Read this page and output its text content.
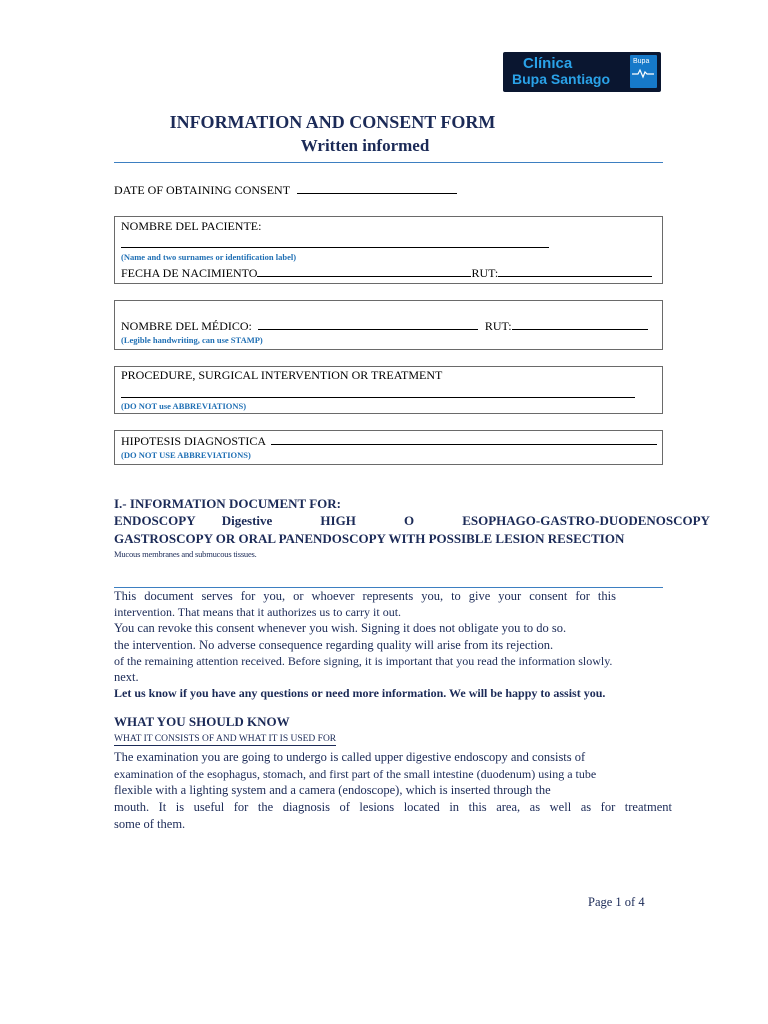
Clínica
Bupa Santiago
Bupa
INFORMATION AND CONSENT FORM
Written informed
DATE OF OBTAINING CONSENT
NOMBRE DEL PACIENTE:
(Name and two surnames or identification label)
FECHA DE NACIMIENTO	RUT:
NOMBRE DEL MÉDICO:	RUT:
(Legible handwriting, can use STAMP)
PROCEDURE, SURGICAL INTERVENTION OR TREATMENT
(DO NOT use ABBREVIATIONS)
HIPOTESIS DIAGNOSTICA
(DO NOT USE ABBREVIATIONS)
I.- INFORMATION DOCUMENT FOR:
ENDOSCOPY Digestive	HIGH	O	ESOPHAGO-GASTRO-DUODENOSCOPY
GASTROSCOPY OR ORAL PANENDOSCOPY WITH POSSIBLE LESION RESECTION
Mucous membranes and submucous tissues.
This document serves for you, or whoever represents you, to give your consent for this
intervention. That means that it authorizes us to carry it out.
You can revoke this consent whenever you wish. Signing it does not obligate you to do so.
the intervention. No adverse consequence regarding quality will arise from its rejection.
of the remaining attention received. Before signing, it is important that you read the information slowly.
next.
Let us know if you have any questions or need more information. We will be happy to assist you.
WHAT YOU SHOULD KNOW
WHAT IT CONSISTS OF AND WHAT IT IS USED FOR
The examination you are going to undergo is called upper digestive endoscopy and consists of
examination of the esophagus, stomach, and first part of the small intestine (duodenum) using a tube
flexible with a lighting system and a camera (endoscope), which is inserted through the
mouth. It is useful for the diagnosis of lesions located in this area, as well as for treatment
some of them.
Page 1 of 4
